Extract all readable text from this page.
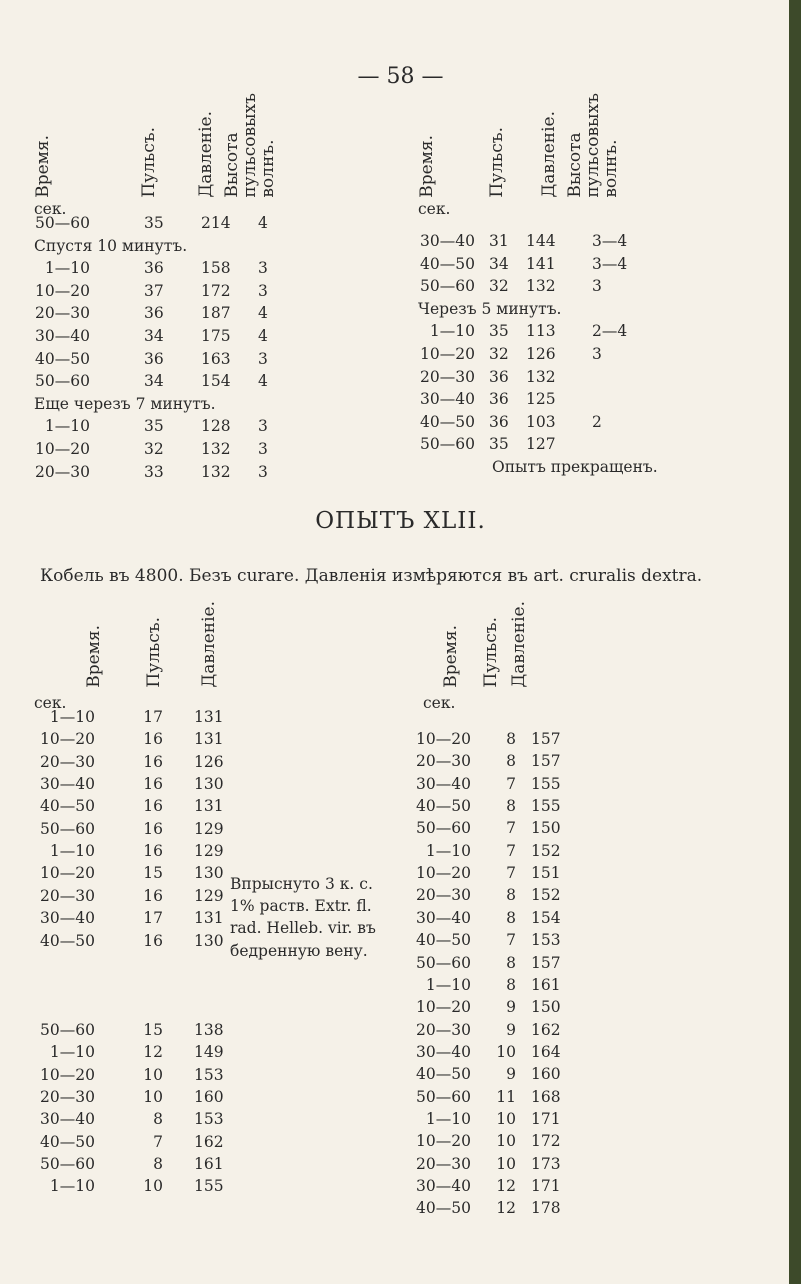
— 58 —
ОПЫТЪ XLII.
Кобель въ 4800. Безъ curare. Давленія измѣряются въ art. cruralis dextra.
Впрыснуто 3 к. с.
1% раств. Extr. fl.
rad. Helleb. vir. въ
бедренную вену.
Время.	Пульсъ. Давленіе. Высота
пульсовыхъ
волнъ.
сек.
50—60	35 214 4
Спустя 10 минутъ.
1—10	36 158 3
10—20	37 172 3
20—30	36 187 4
30—40	34 175 4
40—50	36 163 3
50—60	34 154 4
Еще черезъ 7 минутъ.
1—10	35 128 3
10—20	32 132 3
20—30	33 132 3
Время.	Пульсъ. Давленіе. Высота
пульсовыхъ
волнъ.
сек.
30—40 31 144 3—4
40—50 34 141 3—4
50—60 32 132 3
Черезъ 5 минутъ.
1—10 35 113 2—4
10—20 32 126 3
20—30 36 132
30—40 36 125
40—50 36 103 2
50—60 35 127
Опытъ прекращенъ.
Время. Пульсъ. Давленіе.
сек.
1—10	17 131
10—20	16 131
20—30	16 126
30—40	16 130
40—50	16 131
50—60	16 129
1—10	16 129
10—20	15 130
20—30	16 129
30—40	17 131
40—50	16 130
50—60	15 138
1—10	12 149
10—20	10 153
20—30	10 160
30—40	8 153
40—50	7 162
50—60	8 161
1—10	10 155
Время. Пульсъ. Давленіе.
сек.
10—20 8 157
20—30 8 157
30—40 7 155
40—50 8 155
50—60 7 150
1—10 7 152
10—20 7 151
20—30 8 152
30—40 8 154
40—50 7 153
50—60 8 157
1—10 8 161
10—20 9 150
20—30 9 162
30—40 10 164
40—50 9 160
50—60 11 168
1—10 10 171
10—20 10 172
20—30 10 173
30—40 12 171
40—50 12 178
